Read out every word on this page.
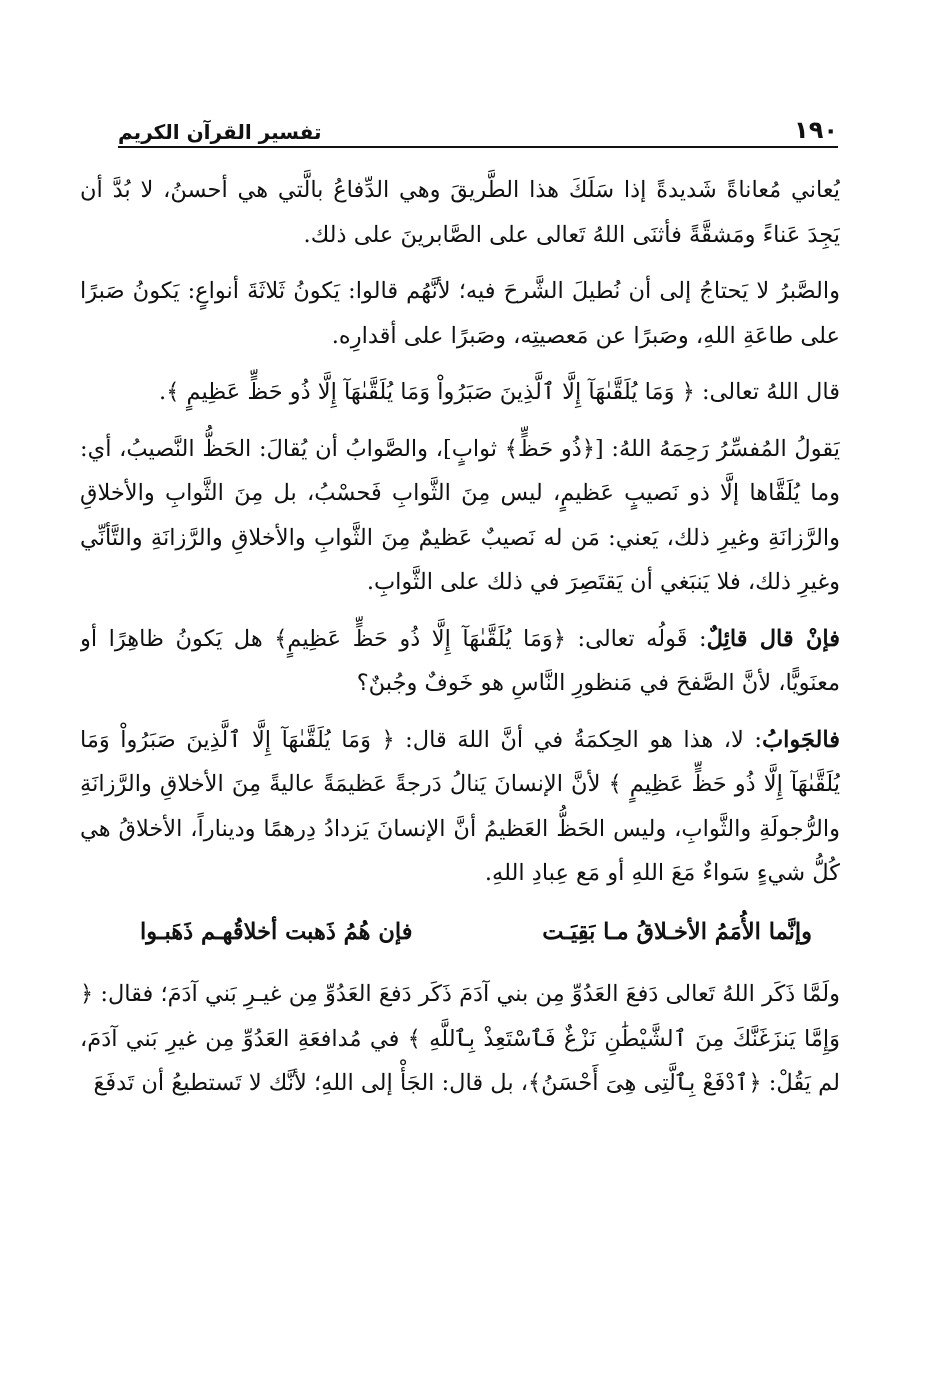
تفسير القرآن الكريم	١٩٠

يُعاني مُعاناةً شَديدةً إذا سَلَكَ هذا الطَّريقَ وهي الدِّفاعُ بالَّتي هي أحسنُ، لا بُدَّ أن يَجِدَ عَناءً ومَشقَّةً فأثنَى اللهُ تَعالى على الصَّابرينَ على ذلك.

والصَّبرُ لا يَحتاجُ إلى أن نُطيلَ الشَّرحَ فيه؛ لأنَّهُم قالوا: يَكونُ ثَلاثَةَ أنواعٍ: يَكونُ صَبرًا على طاعَةِ اللهِ، وصَبرًا عن مَعصيتِه، وصَبرًا على أقدارِه.

قال اللهُ تعالى: ﴿ وَمَا يُلَقَّىٰهَآ إِلَّا ٱلَّذِينَ صَبَرُواْ وَمَا يُلَقَّىٰهَآ إِلَّا ذُو حَظٍّ عَظِيمٍ ﴾.

يَقولُ المُفسِّرُ رَحِمَهُ اللهُ: [﴿ذُو حَظٍّ﴾ ثوابٍ]، والصَّوابُ أن يُقالَ: الحَظُّ النَّصيبُ، أي: وما يُلَقَّاها إلَّا ذو نَصيبٍ عَظيمٍ، ليس مِنَ الثَّوابِ فَحسْبُ، بل مِنَ الثَّوابِ والأخلاقِ والرَّزانَةِ وغيرِ ذلك، يَعني: مَن له نَصيبٌ عَظيمٌ مِنَ الثَّوابِ والأخلاقِ والرَّزانَةِ والتَّأنِّي وغيرِ ذلك، فلا يَنبَغي أن يَقتَصِرَ في ذلك على الثَّوابِ.

فإنْ قال قائِلٌ: قَولُه تعالى: ﴿وَمَا يُلَقَّىٰهَآ إِلَّا ذُو حَظٍّ عَظِيمٍ﴾ هل يَكونُ ظاهِرًا أو معنَويًّا، لأنَّ الصَّفحَ في مَنظورِ النَّاسِ هو خَوفٌ وجُبنٌ؟

فالجَوابُ: لا، هذا هو الحِكمَةُ في أنَّ اللهَ قال: ﴿ وَمَا يُلَقَّىٰهَآ إِلَّا ٱلَّذِينَ صَبَرُواْ وَمَا يُلَقَّىٰهَآ إِلَّا ذُو حَظٍّ عَظِيمٍ ﴾ لأنَّ الإنسانَ يَنالُ دَرجةً عَظيمَةً عاليةً مِنَ الأخلاقِ والرَّزانَةِ والرُّجولَةِ والثَّوابِ، وليس الحَظُّ العَظيمُ أنَّ الإنسانَ يَزدادُ دِرهمًا وديناراً، الأخلاقُ هي كُلُّ شيءٍ سَواءٌ مَعَ اللهِ أو مَع عِبادِ اللهِ.

وإنَّما الأُمَمُ الأخـلاقُ مـا بَقِيَـت
فإن هُمُ ذَهبت أخلاقُهـم ذَهَبـوا

ولَمَّا ذَكَر اللهُ تَعالى دَفعَ العَدُوِّ مِن بني آدَمَ ذَكَر دَفعَ العَدُوِّ مِن غيـرِ بَني آدَمَ؛ فقال: ﴿ وَإِمَّا يَنزَغَنَّكَ مِنَ ٱلشَّيْطَٰنِ نَزْغٌ فَٱسْتَعِذْ بِٱللَّهِ ﴾ في مُدافعَةِ العَدُوِّ مِن غيرِ بَني آدَمَ، لم يَقُلْ: ﴿ٱدْفَعْ بِٱلَّتِى هِىَ أَحْسَنُ﴾، بل قال: الجَأْ إلى اللهِ؛ لأنَّك لا تَستطيعُ أن تَدفَعَ
